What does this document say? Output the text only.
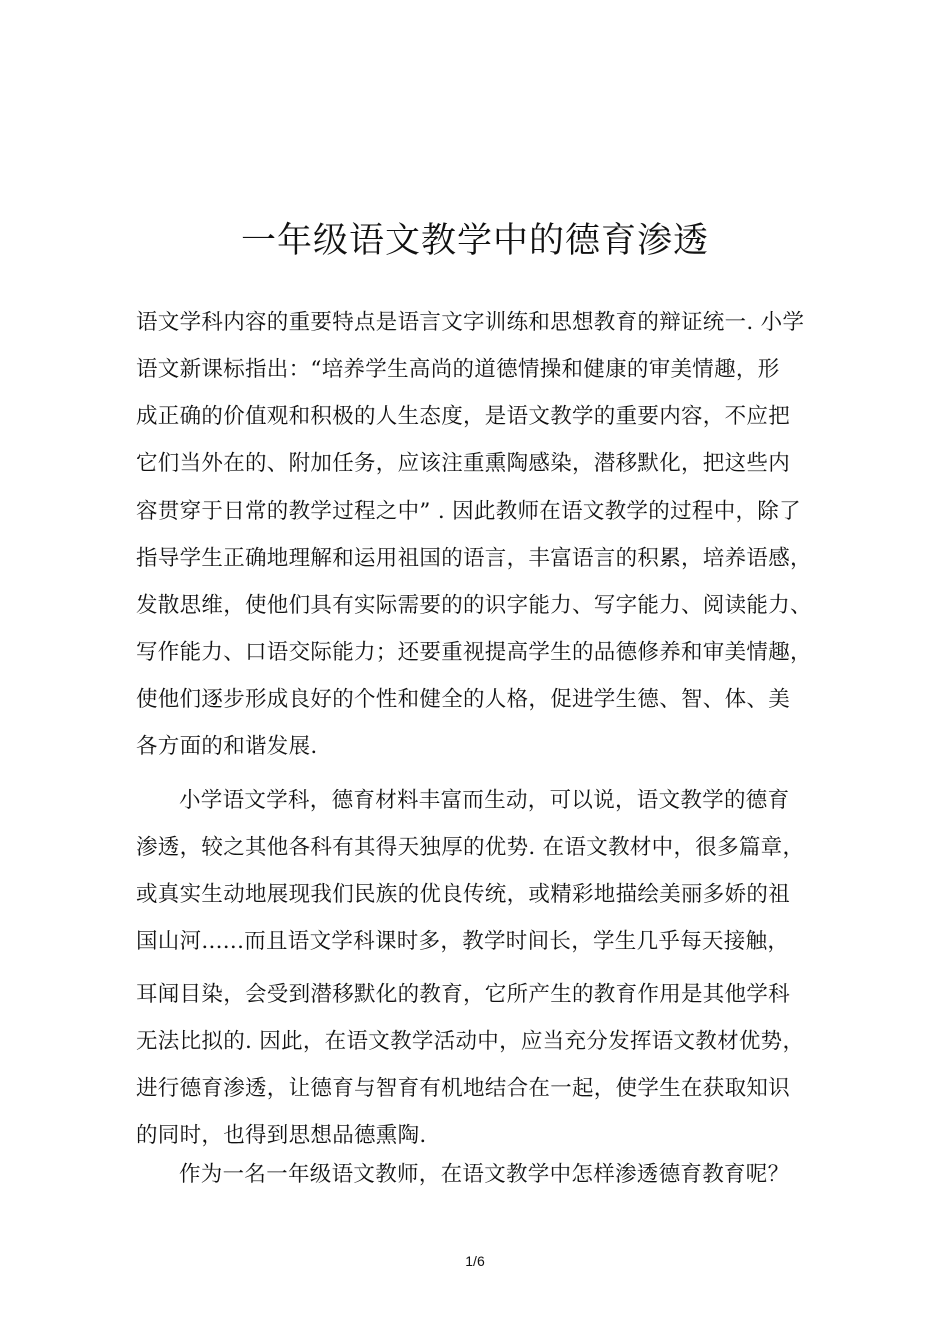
一年级语文教学中的德育渗透
语文学科内容的重要特点是语言文字训练和思想教育的辩证统一. 小学
语文新课标指出：“培养学生高尚的道德情操和健康的审美情趣，形
成正确的价值观和积极的人生态度，是语文教学的重要内容，不应把
它们当外在的、附加任务，应该注重熏陶感染，潜移默化，把这些内
容贯穿于日常的教学过程之中” . 因此教师在语文教学的过程中，除了
指导学生正确地理解和运用祖国的语言，丰富语言的积累，培养语感，
发散思维，使他们具有实际需要的的识字能力、写字能力、阅读能力、
写作能力、口语交际能力；还要重视提高学生的品德修养和审美情趣，
使他们逐步形成良好的个性和健全的人格，促进学生德、智、体、美
各方面的和谐发展.
小学语文学科，德育材料丰富而生动，可以说，语文教学的德育
渗透，较之其他各科有其得天独厚的优势. 在语文教材中，很多篇章，
或真实生动地展现我们民族的优良传统，或精彩地描绘美丽多娇的祖
国山河......而且语文学科课时多，教学时间长，学生几乎每天接触，
耳闻目染，会受到潜移默化的教育，它所产生的教育作用是其他学科
无法比拟的. 因此，在语文教学活动中，应当充分发挥语文教材优势，
进行德育渗透，让德育与智育有机地结合在一起，使学生在获取知识
的同时，也得到思想品德熏陶.
作为一名一年级语文教师，在语文教学中怎样渗透德育教育呢？
1/6
